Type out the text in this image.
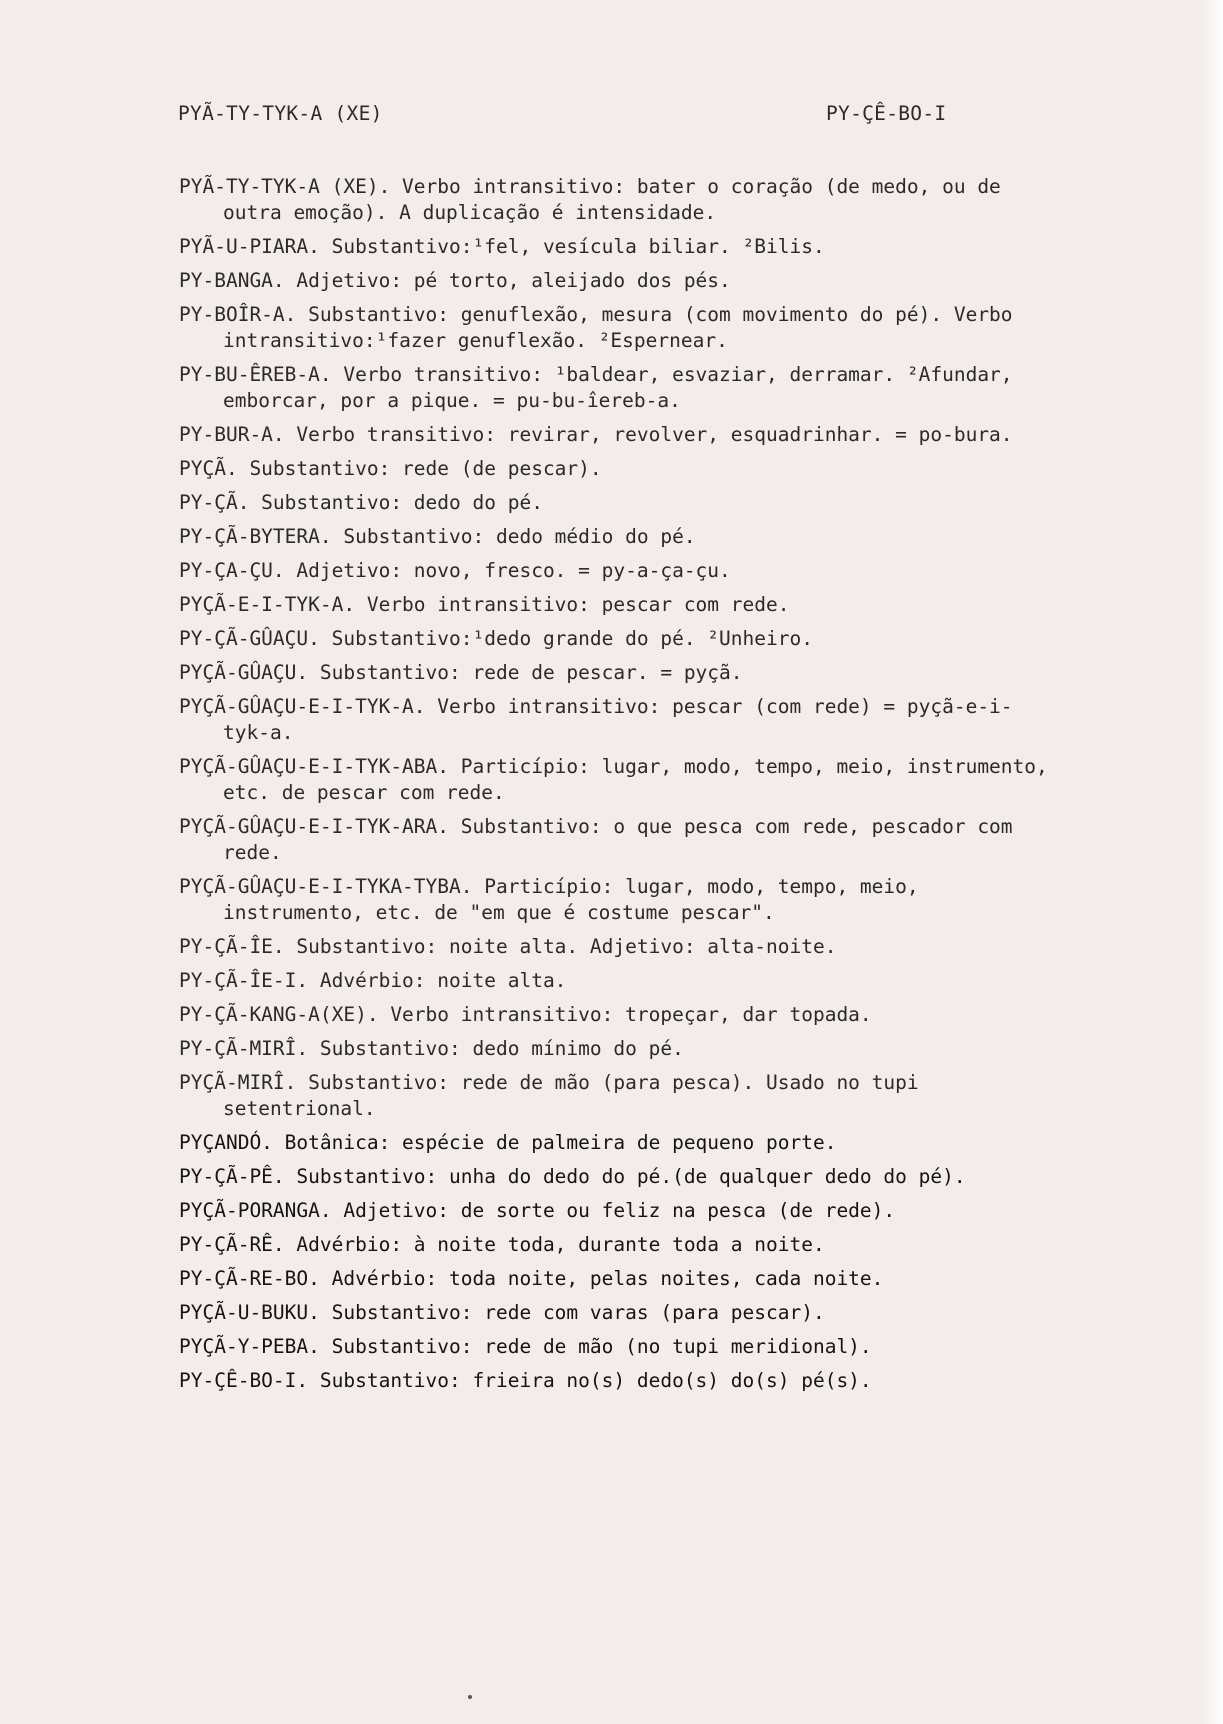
PYÃ-TY-TYK-A (XE)	PY-ÇÊ-BO-I
PYÃ-TY-TYK-A (XE). Verbo intransitivo: bater o coração (de medo, ou de outra emoção). A duplicação é intensidade.
PYÃ-U-PIARA. Substantivo:¹fel, vesícula biliar. ²Bilis.
PY-BANGA. Adjetivo: pé torto, aleijado dos pés.
PY-BOÎR-A. Substantivo: genuflexão, mesura (com movimento do pé). Verbo intransitivo:¹fazer genuflexão. ²Espernear.
PY-BU-ÊREB-A. Verbo transitivo: ¹baldear, esvaziar, derramar. ²Afundar, emborcar, por a pique. = pu-bu-îereb-a.
PY-BUR-A. Verbo transitivo: revirar, revolver, esquadrinhar. = po-bura.
PYÇÃ. Substantivo: rede (de pescar).
PY-ÇÃ. Substantivo: dedo do pé.
PY-ÇÃ-BYTERA. Substantivo: dedo médio do pé.
PY-ÇA-ÇU. Adjetivo: novo, fresco. = py-a-ça-çu.
PYÇÃ-E-I-TYK-A. Verbo intransitivo: pescar com rede.
PY-ÇÃ-GÛAÇU. Substantivo:¹dedo grande do pé. ²Unheiro.
PYÇÃ-GÛAÇU. Substantivo: rede de pescar. = pyçã.
PYÇÃ-GÛAÇU-E-I-TYK-A. Verbo intransitivo: pescar (com rede) = pyçã-e-i-tyk-a.
PYÇÃ-GÛAÇU-E-I-TYK-ABA. Particípio: lugar, modo, tempo, meio, instrumento, etc. de pescar com rede.
PYÇÃ-GÛAÇU-E-I-TYK-ARA. Substantivo: o que pesca com rede, pescador com rede.
PYÇÃ-GÛAÇU-E-I-TYKA-TYBA. Particípio: lugar, modo, tempo, meio, instrumento, etc. de "em que é costume pescar".
PY-ÇÃ-ÎE. Substantivo: noite alta. Adjetivo: alta-noite.
PY-ÇÃ-ÎE-I. Advérbio: noite alta.
PY-ÇÃ-KANG-A(XE). Verbo intransitivo: tropeçar, dar topada.
PY-ÇÃ-MIRÎ. Substantivo: dedo mínimo do pé.
PYÇÃ-MIRÎ. Substantivo: rede de mão (para pesca). Usado no tupi setentrional.
PYÇANDÓ. Botânica: espécie de palmeira de pequeno porte.
PY-ÇÃ-PÊ. Substantivo: unha do dedo do pé.(de qualquer dedo do pé).
PYÇÃ-PORANGA. Adjetivo: de sorte ou feliz na pesca (de rede).
PY-ÇÃ-RÊ. Advérbio: à noite toda, durante toda a noite.
PY-ÇÃ-RE-BO. Advérbio: toda noite, pelas noites, cada noite.
PYÇÃ-U-BUKU. Substantivo: rede com varas (para pescar).
PYÇÃ-Y-PEBA. Substantivo: rede de mão (no tupi meridional).
PY-ÇÊ-BO-I. Substantivo: frieira no(s) dedo(s) do(s) pé(s).
